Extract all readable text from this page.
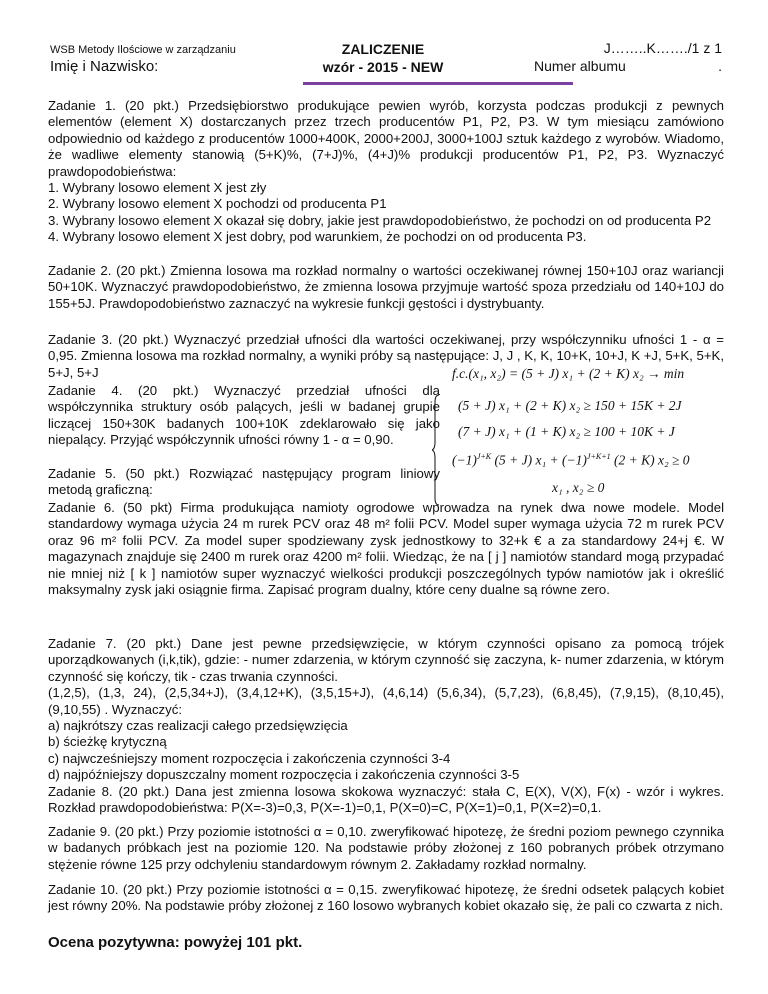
WSB Metody Ilościowe w zarządzaniu
Imię i Nazwisko:
ZALICZENIE
wzór - 2015 - NEW
J……..K……./1 z 1
Numer albumu	.

Zadanie 1. (20 pkt.) Przedsiębiorstwo produkujące pewien wyrób, korzysta podczas produkcji z pewnych elementów (element X) dostarczanych przez trzech producentów P1, P2, P3. W tym miesiącu zamówiono odpowiednio od każdego z producentów 1000+400K, 2000+200J, 3000+100J sztuk każdego z wyrobów. Wiadomo, że wadliwe elementy stanowią (5+K)%, (7+J)%, (4+J)% produkcji producentów P1, P2, P3. Wyznaczyć prawdopodobieństwa:

1. Wybrany losowo element X jest zły
2. Wybrany losowo element X pochodzi od producenta P1
3. Wybrany losowo element X okazał się dobry, jakie jest prawdopodobieństwo, że pochodzi on od producenta P2
4. Wybrany losowo element X jest dobry, pod warunkiem, że pochodzi on od producenta P3.

Zadanie 2. (20 pkt.) Zmienna losowa ma rozkład normalny o wartości oczekiwanej równej 150+10J oraz wariancji 50+10K. Wyznaczyć prawdopodobieństwo, że zmienna losowa przyjmuje wartość spoza przedziału od 140+10J do 155+5J. Prawdopodobieństwo zaznaczyć na wykresie funkcji gęstości i dystrybuanty.

Zadanie 3. (20 pkt.) Wyznaczyć przedział ufności dla wartości oczekiwanej, przy współczynniku ufności 1 - α = 0,95. Zmienna losowa ma rozkład normalny, a wyniki próby są następujące: J, J , K, K, 10+K, 10+J, K +J, 5+K, 5+K, 5+J, 5+J

Zadanie 4. (20 pkt.) Wyznaczyć przedział ufności dla współczynnika struktury osób palących, jeśli w badanej grupie liczącej 150+30K badanych 100+10K zdeklarowało się jako niepalący. Przyjąć współczynnik ufności równy 1 - α = 0,90.

Zadanie 5. (50 pkt.) Rozwiązać następujący program liniowy metodą graficzną:

f.c.(x₁, x₂) = (5 + J) x₁ + (2 + K) x₂ → min
(5 + J) x₁ + (2 + K) x₂ ≥ 150 + 15K + 2J
(7 + J) x₁ + (1 + K) x₂ ≥ 100 + 10K + J
$(-1)^{J+K}$ (5 + J) $x_1 + (-1)^{J+K+1}$ (2 + K) x₂ ≥ 0
x₁ , x₂ ≥ 0

Zadanie 6. (50 pkt) Firma produkująca namioty ogrodowe wprowadza na rynek dwa nowe modele. Model standardowy wymaga użycia 24 m rurek PCV oraz 48 m² folii PCV. Model super wymaga użycia 72 m rurek PCV oraz 96 m² folii PCV. Za model super spodziewany zysk jednostkowy to 32+k € a za standardowy 24+j €. W magazynach znajduje się 2400 m rurek oraz 4200 m² folii. Wiedząc, że na [ j ] namiotów standard mogą przypadać nie mniej niż [ k ] namiotów super wyznaczyć wielkości produkcji poszczególnych typów namiotów jak i określić maksymalny zysk jaki osiągnie firma. Zapisać program dualny, które ceny dualne są równe zero.

Zadanie 7. (20 pkt.) Dane jest pewne przedsięwzięcie, w którym czynności opisano za pomocą trójek uporządkowanych (i,k,tik), gdzie: - numer zdarzenia, w którym czynność się zaczyna, k- numer zdarzenia, w którym czynność się kończy, tik - czas trwania czynności.

(1,2,5), (1,3, 24), (2,5,34+J), (3,4,12+K), (3,5,15+J), (4,6,14) (5,6,34), (5,7,23), (6,8,45), (7,9,15), (8,10,45), (9,10,55) . Wyznaczyć:

a) najkrótszy czas realizacji całego przedsięwzięcia
b) ścieżkę krytyczną
c) najwcześniejszy moment rozpoczęcia i zakończenia czynności 3-4
d) najpóźniejszy dopuszczalny moment rozpoczęcia i zakończenia czynności 3-5

Zadanie 8. (20 pkt.) Dana jest zmienna losowa skokowa wyznaczyć: stała C, E(X), V(X), F(x) - wzór i wykres. Rozkład prawdopodobieństwa: P(X=-3)=0,3, P(X=-1)=0,1, P(X=0)=C, P(X=1)=0,1, P(X=2)=0,1.

Zadanie 9. (20 pkt.) Przy poziomie istotności α = 0,10. zweryfikować hipotezę, że średni poziom pewnego czynnika w badanych próbkach jest na poziomie 120. Na podstawie próby złożonej z 160 pobranych próbek otrzymano stężenie równe 125 przy odchyleniu standardowym równym 2. Zakładamy rozkład normalny.

Zadanie 10. (20 pkt.) Przy poziomie istotności α = 0,15. zweryfikować hipotezę, że średni odsetek palących kobiet jest równy 20%. Na podstawie próby złożonej z 160 losowo wybranych kobiet okazało się, że pali co czwarta z nich.

Ocena pozytywna: powyżej 101 pkt.
